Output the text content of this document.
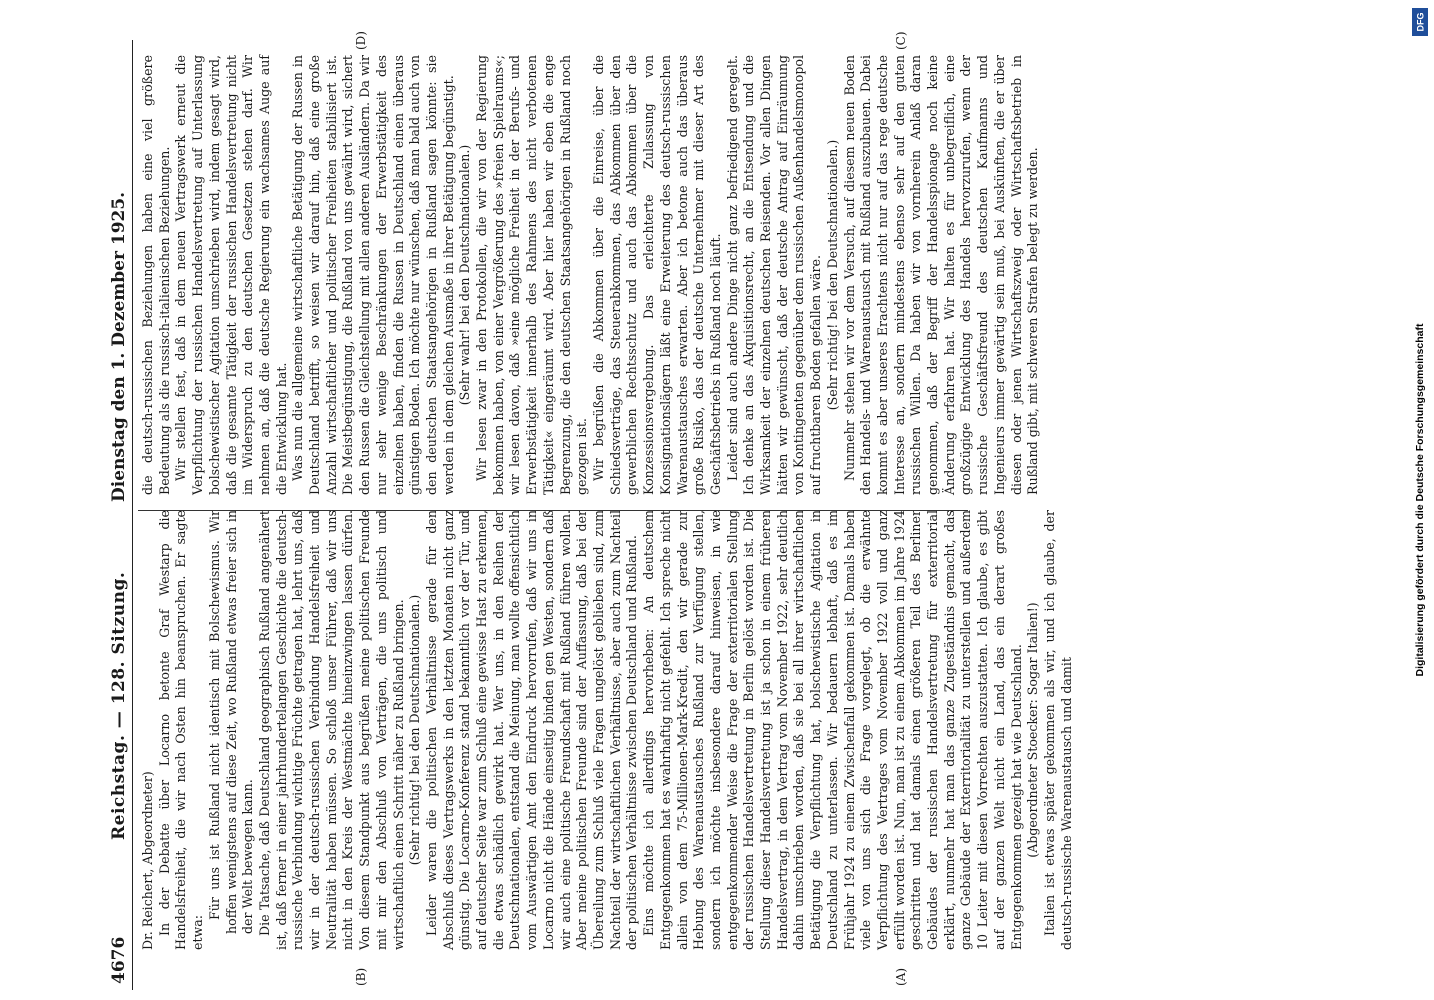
4676
Reichstag. — 128. Sitzung.
Dienstag den 1. Dezember 1925.
(A)
(B)
(C)
(D)

Dr. Reichert, Abgeordneter) In der Debatte über Locarno betonte Graf Westarp die Handelsfreiheit, die wir nach Osten hin beanspruchen. Er sagte etwa:

Für uns ist Rußland nicht identisch mit Bolschewismus. Wir hoffen wenigstens auf diese Zeit, wo Rußland etwas freier sich in der Welt bewegen kann. Die Tatsache, daß Deutschland geographisch Rußland angenähert ist, daß ferner in einer jahrhundertelangen Geschichte die deutsch-russische Verbindung wichtige Früchte getragen hat, lehrt uns, daß wir in der deutsch-russischen Verbindung Handelsfreiheit und Neutralität haben müssen. So schloß unser Führer, daß wir uns nicht in den Kreis der Westmächte hineinzwingen lassen dürfen. Von diesem Standpunkt aus begrüßen meine politischen Freunde mit mir den Abschluß von Verträgen, die uns politisch und wirtschaftlich einen Schritt näher zu Rußland bringen. (Sehr richtig! bei den Deutschnationalen.) Leider waren die politischen Verhältnisse gerade für den Abschluß dieses Vertragswerks in den letzten Monaten nicht ganz günstig. Die Locarno-Konferenz stand bekanntlich vor der Tür, und auf deutscher Seite war zum Schluß eine gewisse Hast zu erkennen, die etwas schädlich gewirkt hat. Wer uns, in den Reihen der Deutschnationalen, entstand die Meinung, man wollte offensichtlich vom Auswärtigen Amt den Eindruck hervorrufen, daß wir uns in Locarno nicht die Hände einseitig binden gen Westen, sondern daß wir auch eine politische Freundschaft mit Rußland führen wollen. Aber meine politischen Freunde sind der Auffassung, daß bei der Übereilung zum Schluß viele Fragen ungelöst geblieben sind, zum Nachteil der wirtschaftlichen Verhältnisse, aber auch zum Nachteil der politischen Verhältnisse zwischen Deutschland und Rußland. Eins möchte ich allerdings hervorheben: An deutschem Entgegenkommen hat es wahrhaftig nicht gefehlt. Ich spreche nicht allein von dem 75-Millionen-Mark-Kredit, den wir gerade zur Hebung des Warenaustausches Rußland zur Verfügung stellen, sondern ich möchte insbesondere darauf hinweisen, in wie entgegenkommender Weise die Frage der exterritorialen Stellung der russischen Handelsvertretung in Berlin gelöst worden ist. Die Stellung dieser Handelsvertretung ist ja schon in einem früheren Handelsvertrag, in dem Vertrag vom November 1922, sehr deutlich dahin umschrieben worden, daß sie bei all ihrer wirtschaftlichen Betätigung die Verpflichtung hat, bolschewistische Agitation in Deutschland zu unterlassen. Wir bedauern lebhaft, daß es im Frühjahr 1924 zu einem Zwischenfall gekommen ist. Damals haben viele von uns sich die Frage vorgelegt, ob die erwähnte Verpflichtung des Vertrages vom November 1922 voll und ganz erfüllt worden ist. Nun, man ist zu einem Abkommen im Jahre 1924 geschritten und hat damals einen größeren Teil des Berliner Gebäudes der russischen Handelsvertretung für exterritorial erklärt, nunmehr hat man das ganze Zugeständnis gemacht, das ganze Gebäude der Exterritorialität zu unterstellen und außerdem 10 Leiter mit diesen Vorrechten auszustatten. Ich glaube, es gibt auf der ganzen Welt nicht ein Land, das ein derart großes Entgegenkommen gezeigt hat wie Deutschland. (Abgeordneter Stoecker: Sogar Italien!) Italien ist etwas später gekommen als wir, und ich glaube, der deutsch-russische Warenaustausch und damit

die deutsch-russischen Beziehungen haben eine viel größere Bedeutung als die russisch-italienischen Beziehungen. Wir stellen fest, daß in dem neuen Vertragswerk erneut die Verpflichtung der russischen Handelsvertretung auf Unterlassung bolschewistischer Agitation umschrieben wird, indem gesagt wird, daß die gesamte Tätigkeit der russischen Handelsvertretung nicht im Widerspruch zu den deutschen Gesetzen stehen darf. Wir nehmen an, daß die deutsche Regierung ein wachsames Auge auf die Entwicklung hat. Was nun die allgemeine wirtschaftliche Betätigung der Russen in Deutschland betrifft, so weisen wir darauf hin, daß eine große Anzahl wirtschaftlicher und politischer Freiheiten stabilisiert ist. Die Meistbegünstigung, die Rußland von uns gewährt wird, sichert den Russen die Gleichstellung mit allen anderen Ausländern. Da wir nur sehr wenige Beschränkungen der Erwerbstätigkeit des einzelnen haben, finden die Russen in Deutschland einen überaus günstigen Boden. Ich möchte nur wünschen, daß man bald auch von den deutschen Staatsangehörigen in Rußland sagen könnte: sie werden in dem gleichen Ausmaße in ihrer Betätigung begünstigt. (Sehr wahr! bei den Deutschnationalen.) Wir lesen zwar in den Protokollen, die wir von der Regierung bekommen haben, von einer Vergrößerung des »freien Spielraums«; wir lesen davon, daß »eine mögliche Freiheit in der Berufs- und Erwerbstätigkeit innerhalb des Rahmens des nicht verbotenen Tätigkeit« eingeräumt wird. Aber hier haben wir eben die enge Begrenzung, die den deutschen Staatsangehörigen in Rußland noch gezogen ist. Wir begrüßen die Abkommen über die Einreise, über die Schiedsverträge, das Steuerabkommen, das Abkommen über den gewerblichen Rechtsschutz und auch das Abkommen über die Konzessionsvergebung. Das erleichterte Zulassung von Konsignationslägern läßt eine Erweiterung des deutsch-russischen Warenaustausches erwarten. Aber ich betone auch das überaus große Risiko, das der deutsche Unternehmer mit dieser Art des Geschäftsbetriebs in Rußland noch läuft. Leider sind auch andere Dinge nicht ganz befriedigend geregelt. Ich denke an das Akquisitionsrecht, an die Entsendung und die Wirksamkeit der einzelnen deutschen Reisenden. Vor allen Dingen hätten wir gewünscht, daß der deutsche Antrag auf Einräumung von Kontingenten gegenüber dem russischen Außenhandelsmonopol auf fruchtbaren Boden gefallen wäre. (Sehr richtig! bei den Deutschnationalen.) Nunmehr stehen wir vor dem Versuch, auf diesem neuen Boden den Handels- und Warenaustausch mit Rußland auszubauen. Dabei kommt es aber unseres Erachtens nicht nur auf das rege deutsche Interesse an, sondern mindestens ebenso sehr auf den guten russischen Willen. Da haben wir von vornherein Anlaß daran genommen, daß der Begriff der Handelsspionage noch keine Änderung erfahren hat. Wir halten es für unbegreiflich, eine großzügige Entwicklung des Handels hervorzurufen, wenn der russische Geschäftsfreund des deutschen Kaufmanns und Ingenieurs immer gewärtig sein muß, bei Auskünften, die er über diesen oder jenen Wirtschaftszweig oder Wirtschaftsbetrieb in Rußland gibt, mit schweren Strafen belegt zu werden.

Digitalisierung gefördert durch die Deutsche Forschungsgemeinschaft
DFG
